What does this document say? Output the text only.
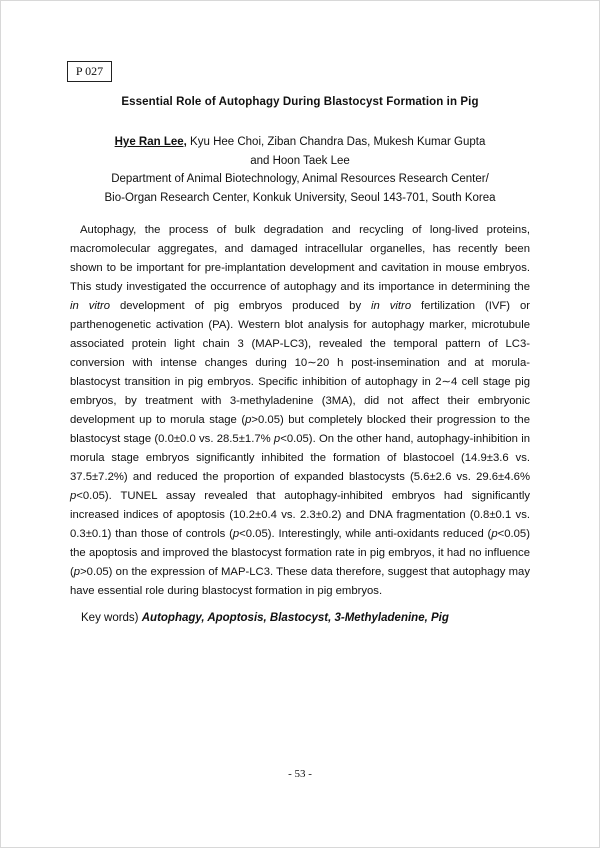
P 027
Essential Role of Autophagy During Blastocyst Formation in Pig
Hye Ran Lee, Kyu Hee Choi, Ziban Chandra Das, Mukesh Kumar Gupta
and Hoon Taek Lee
Department of Animal Biotechnology, Animal Resources Research Center/
Bio-Organ Research Center, Konkuk University, Seoul 143-701, South Korea

Autophagy, the process of bulk degradation and recycling of long-lived proteins, macromolecular aggregates, and damaged intracellular organelles, has recently been shown to be important for pre-implantation development and cavitation in mouse embryos. This study investigated the occurrence of autophagy and its importance in determining the in vitro development of pig embryos produced by in vitro fertilization (IVF) or parthenogenetic activation (PA). Western blot analysis for autophagy marker, microtubule associated protein light chain 3 (MAP-LC3), revealed the temporal pattern of LC3-conversion with intense changes during 10∼20 h post-insemination and at morula-blastocyst transition in pig embryos. Specific inhibition of autophagy in 2∼4 cell stage pig embryos, by treatment with 3-methyladenine (3MA), did not affect their embryonic development up to morula stage (p>0.05) but completely blocked their progression to the blastocyst stage (0.0±0.0 vs. 28.5±1.7% p<0.05). On the other hand, autophagy-inhibition in morula stage embryos significantly inhibited the formation of blastocoel (14.9±3.6 vs. 37.5±7.2%) and reduced the proportion of expanded blastocysts (5.6±2.6 vs. 29.6±4.6% p<0.05). TUNEL assay revealed that autophagy-inhibited embryos had significantly increased indices of apoptosis (10.2±0.4 vs. 2.3±0.2) and DNA fragmentation (0.8±0.1 vs. 0.3±0.1) than those of controls (p<0.05). Interestingly, while anti-oxidants reduced (p<0.05) the apoptosis and improved the blastocyst formation rate in pig embryos, it had no influence (p>0.05) on the expression of MAP-LC3. These data therefore, suggest that autophagy may have essential role during blastocyst formation in pig embryos.

Key words) Autophagy, Apoptosis, Blastocyst, 3-Methyladenine, Pig
- 53 -
